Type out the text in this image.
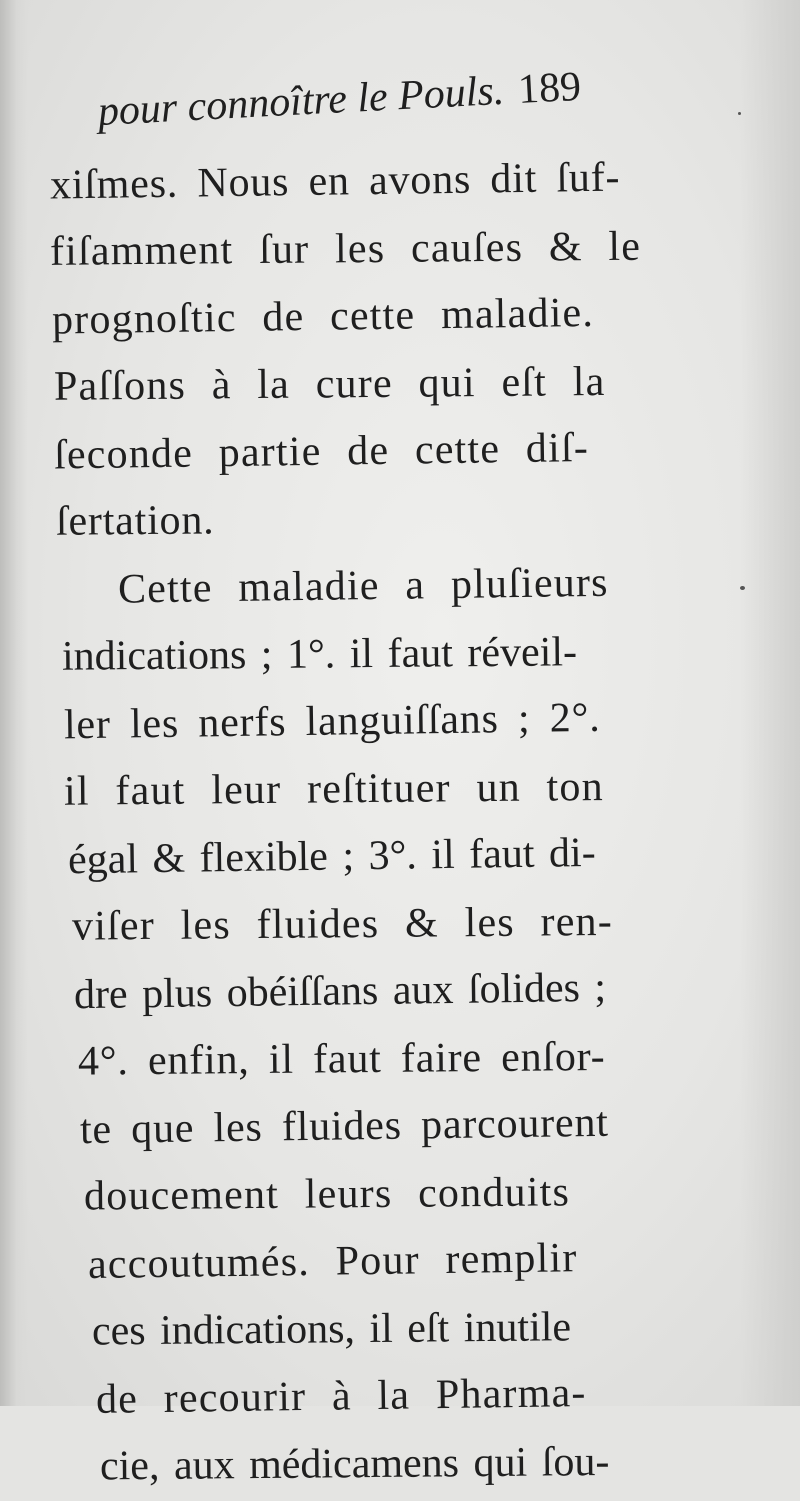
pour connoître le Pouls. 189
xiſmes. Nous en avons dit ſuf-
fiſamment ſur les cauſes & le
prognoſtic de cette maladie.
Paſſons à la cure qui eſt la
ſeconde partie de cette diſ-
ſertation.
Cette maladie a pluſieurs
indications ; 1°. il faut réveil-
ler les nerfs languiſſans ; 2°.
il faut leur reſtituer un ton
égal & flexible ; 3°. il faut di-
viſer les fluides & les ren-
dre plus obéiſſans aux ſolides ;
4°. enfin, il faut faire enſor-
te que les fluides parcourent
doucement leurs conduits
accoutumés. Pour remplir
ces indications, il eſt inutile
de recourir à la Pharma-
cie, aux médicamens qui ſou-
